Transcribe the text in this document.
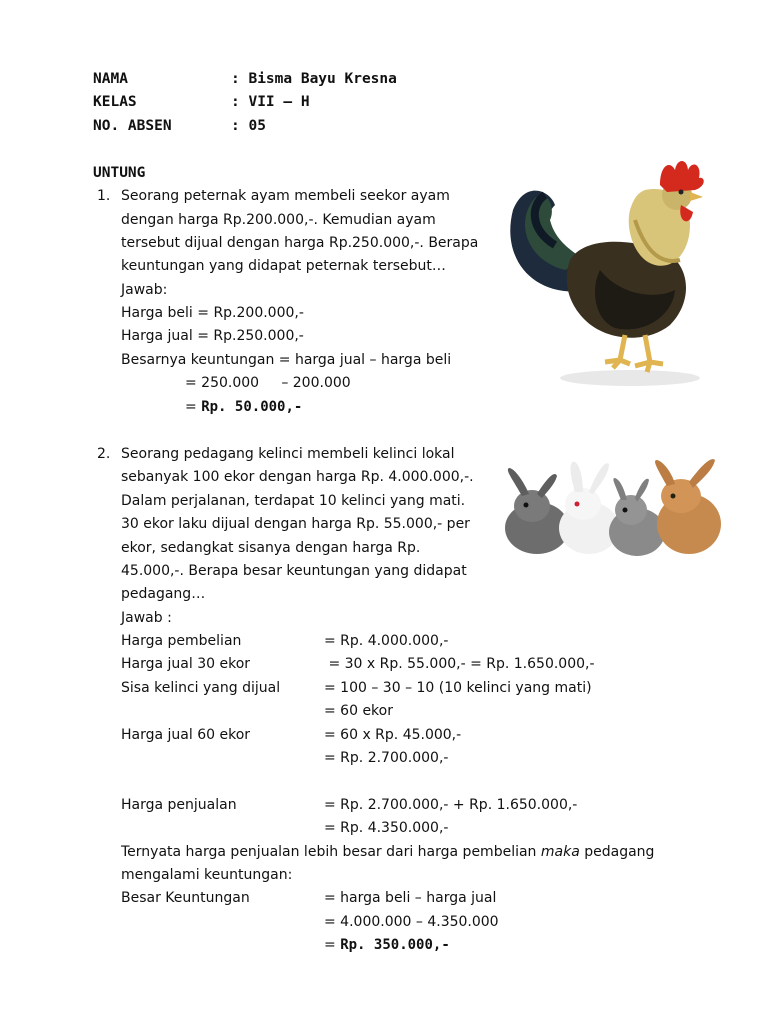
NAMA	: Bisma Bayu Kresna
KELAS	: VII – H
NO. ABSEN	: 05
UNTUNG
1. Seorang peternak ayam membeli seekor ayam
dengan harga Rp.200.000,-. Kemudian ayam
tersebut dijual dengan harga Rp.250.000,-. Berapa
keuntungan yang didapat peternak tersebut…
Jawab:
Harga beli = Rp.200.000,-
Harga jual = Rp.250.000,-
Besarnya keuntungan = harga jual – harga beli
= 250.000     – 200.000
= Rp. 50.000,-
2. Seorang pedagang kelinci membeli kelinci lokal
sebanyak 100 ekor dengan harga Rp. 4.000.000,-.
Dalam perjalanan, terdapat 10 kelinci yang mati.
30 ekor laku dijual dengan harga Rp. 55.000,- per
ekor, sedangkat sisanya dengan harga Rp.
45.000,-. Berapa besar keuntungan yang didapat
pedagang…
Jawab :
Harga pembelian	= Rp. 4.000.000,-
Harga jual 30 ekor	= 30 x Rp. 55.000,- = Rp. 1.650.000,-
Sisa kelinci yang dijual	= 100 – 30 – 10 (10 kelinci yang mati)
= 60 ekor
Harga jual 60 ekor	= 60 x Rp. 45.000,-
= Rp. 2.700.000,-
Harga penjualan	= Rp. 2.700.000,- + Rp. 1.650.000,-
= Rp. 4.350.000,-
Ternyata harga penjualan lebih besar dari harga pembelian maka pedagang
mengalami keuntungan:
Besar Keuntungan	= harga beli – harga jual
= 4.000.000 – 4.350.000
= Rp. 350.000,-
